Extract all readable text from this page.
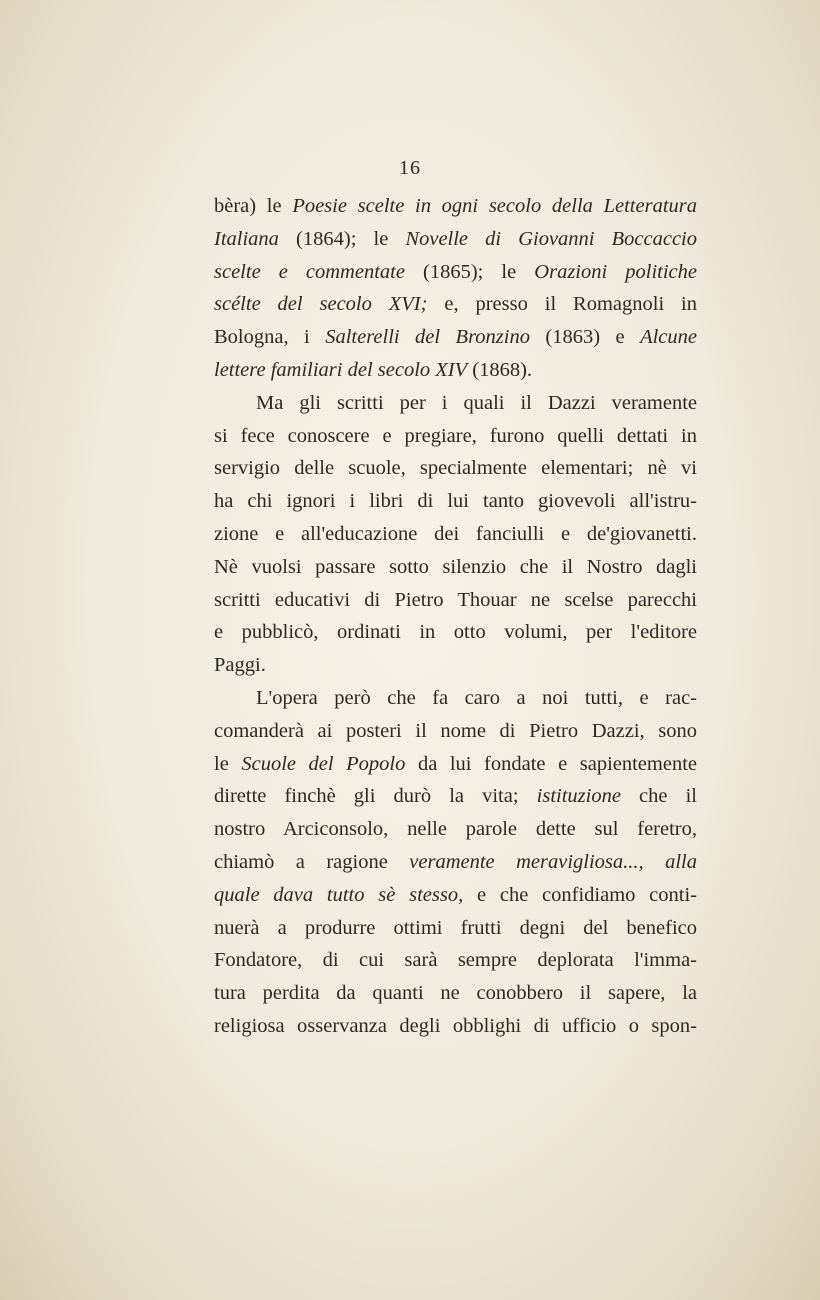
16
bèra) le Poesie scelte in ogni secolo della Letteratura
Italiana (1864); le Novelle di Giovanni Boccaccio
scelte e commentate (1865); le Orazioni politiche
scélte del secolo XVI; e, presso il Romagnoli in
Bologna, i Salterelli del Bronzino (1863) e Alcune
lettere familiari del secolo XIV (1868).
Ma gli scritti per i quali il Dazzi veramente
si fece conoscere e pregiare, furono quelli dettati in
servigio delle scuole, specialmente elementari; nè vi
ha chi ignori i libri di lui tanto giovevoli all'istru-
zione e all'educazione dei fanciulli e de'giovanetti.
Nè vuolsi passare sotto silenzio che il Nostro dagli
scritti educativi di Pietro Thouar ne scelse parecchi
e pubblicò, ordinati in otto volumi, per l'editore
Paggi.
L'opera però che fa caro a noi tutti, e rac-
comanderà ai posteri il nome di Pietro Dazzi, sono
le Scuole del Popolo da lui fondate e sapientemente
dirette finchè gli durò la vita; istituzione che il
nostro Arciconsolo, nelle parole dette sul feretro,
chiamò a ragione veramente meravigliosa..., alla
quale dava tutto sè stesso, e che confidiamo conti-
nuerà a produrre ottimi frutti degni del benefico
Fondatore, di cui sarà sempre deplorata l'imma-
tura perdita da quanti ne conobbero il sapere, la
religiosa osservanza degli obblighi di ufficio o spon-
